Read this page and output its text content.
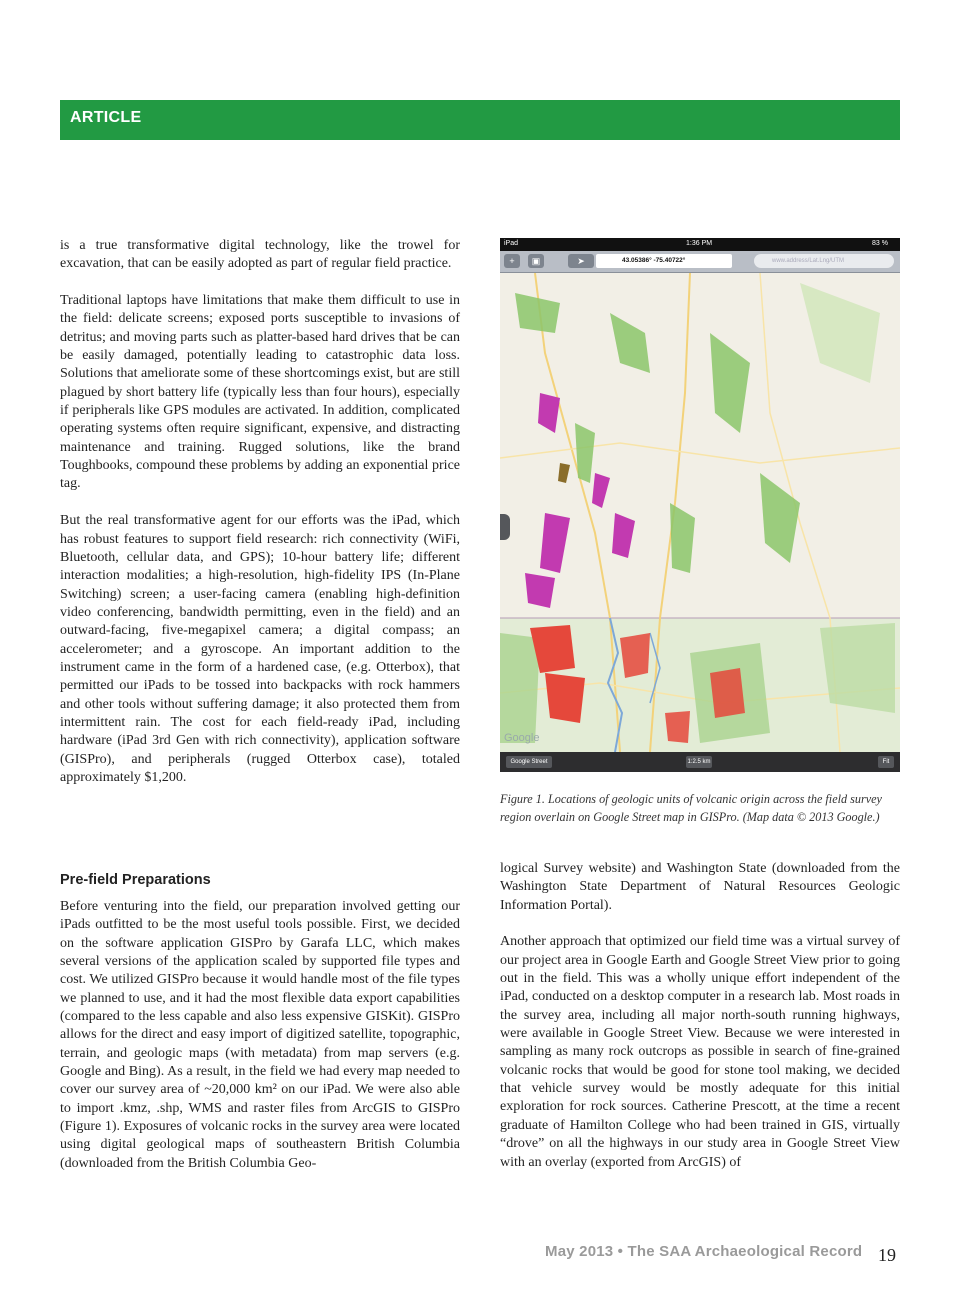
ARTICLE

is a true transformative digital technology, like the trowel for excavation, that can be easily adopted as part of regular field practice.

Traditional laptops have limitations that make them difficult to use in the field: delicate screens; exposed ports susceptible to invasions of detritus; and moving parts such as platter-based hard drives that be can be easily damaged, potentially leading to catastrophic data loss. Solutions that ameliorate some of these shortcomings exist, but are still plagued by short battery life (typically less than four hours), especially if peripherals like GPS modules are activated. In addition, complicated operating systems often require significant, expensive, and distracting maintenance and training. Rugged solutions, like the brand Toughbooks, compound these problems by adding an exponential price tag.

But the real transformative agent for our efforts was the iPad, which has robust features to support field research: rich connectivity (WiFi, Bluetooth, cellular data, and GPS); 10-hour battery life; different interaction modalities; a high-resolution, high-fidelity IPS (In-Plane Switching) screen; a user-facing camera (enabling high-definition video conferencing, bandwidth permitting, even in the field) and an outward-facing, five-megapixel camera; a digital compass; an accelerometer; and a gyroscope. An important addition to the instrument came in the form of a hardened case, (e.g. Otterbox), that permitted our iPads to be tossed into backpacks with rock hammers and other tools without suffering damage; it also protected them from intermittent rain. The cost for each field-ready iPad, including hardware (iPad 3rd Gen with rich connectivity), application software (GISPro), and peripherals (rugged Otterbox case), totaled approximately $1,200.

Pre-field Preparations

Before venturing into the field, our preparation involved getting our iPads outfitted to be the most useful tools possible. First, we decided on the software application GISPro by Garafa LLC, which makes several versions of the application scaled by supported file types and cost. We utilized GISPro because it would handle most of the file types we planned to use, and it had the most flexible data export capabilities (compared to the less capable and also less expensive GISKit). GISPro allows for the direct and easy import of digitized satellite, topographic, terrain, and geologic maps (with metadata) from map servers (e.g. Google and Bing). As a result, in the field we had every map needed to cover our survey area of ~20,000 km² on our iPad. We were also able to import .kmz, .shp, WMS and raster files from ArcGIS to GISPro (Figure 1). Exposures of volcanic rocks in the survey area were located using digital geological maps of southeastern British Columbia (downloaded from the British Columbia Geo-

logical Survey website) and Washington State (downloaded from the Washington State Department of Natural Resources Geologic Information Portal).

Another approach that optimized our field time was a virtual survey of our project area in Google Earth and Google Street View prior to going out in the field. This was a wholly unique effort independent of the iPad, conducted on a desktop computer in a research lab. Most roads in the survey area, including all major north-south running highways, were available in Google Street View. Because we were interested in sampling as many rock outcrops as possible in search of fine-grained volcanic rocks that would be good for stone tool making, we decided that vehicle survey would be mostly adequate for this initial exploration for rock sources. Catherine Prescott, at the time a recent graduate of Hamilton College who had been trained in GIS, virtually “drove” on all the highways in our study area in Google Street View with an overlay (exported from ArcGIS) of

iPad	1:36 PM	83 %
+	▣	➤	43.05386° -75.40722°	www.address/Lat.Lng/UTM
Google
Google Street	1:2.5 km	Fit
Figure 1. Locations of geologic units of volcanic origin across the field survey region overlain on Google Street map in GISPro. (Map data © 2013 Google.)
May 2013 • The SAA Archaeological Record 19
